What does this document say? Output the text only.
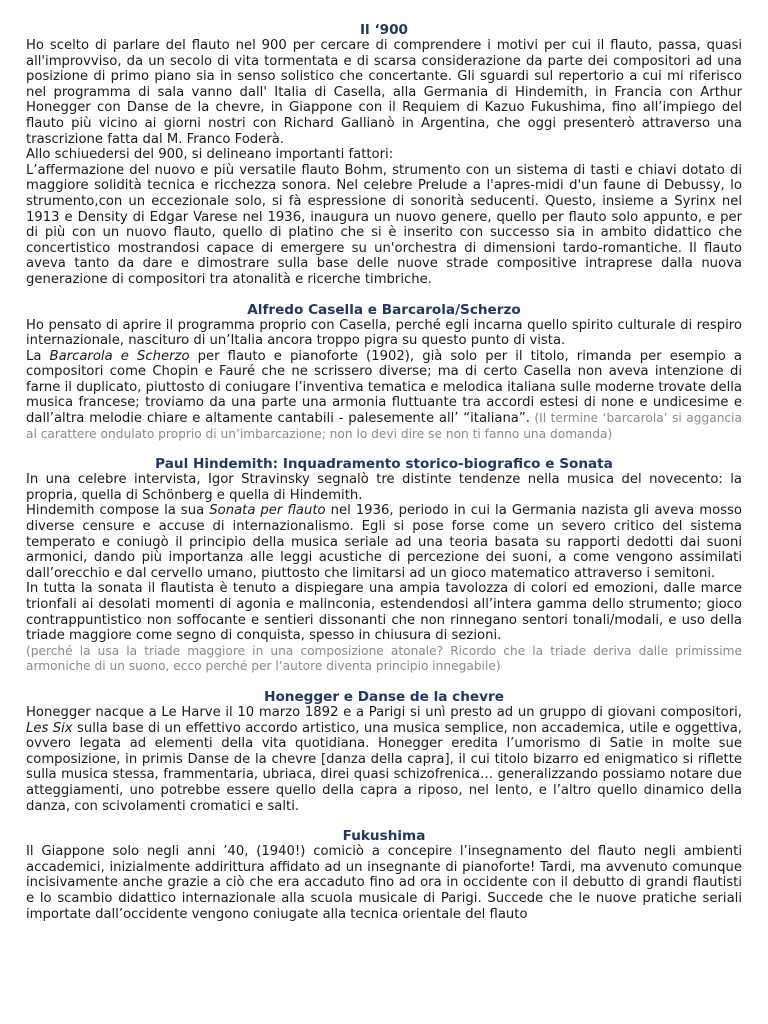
Il ‘900

Ho scelto di parlare del flauto nel 900 per cercare di comprendere i motivi per cui il flauto, passa, quasi all'improvviso, da un secolo di vita tormentata e di scarsa considerazione da parte dei compositori ad una posizione di primo piano sia in senso solistico che concertante. Gli sguardi sul repertorio a cui mi riferisco nel programma di sala vanno dall' Italia di Casella, alla Germania di Hindemith, in Francia con Arthur Honegger con Danse de la chevre, in Giappone con il Requiem di Kazuo Fukushima, fino all’impiego del flauto più vicino ai giorni nostri con Richard Gallianò in Argentina, che oggi presenterò attraverso una trascrizione fatta dal M. Franco Foderà.

Allo schiuedersi del 900, si delineano importanti fattori:

L’affermazione del nuovo e più versatile flauto Bohm, strumento con un sistema di tasti e chiavi dotato di maggiore solidità tecnica e ricchezza sonora. Nel celebre Prelude a l'apres-midi d'un faune di Debussy, lo strumento,con un eccezionale solo, si fà espressione di sonorità seducenti. Questo, insieme a Syrinx nel 1913 e Density di Edgar Varese nel 1936, inaugura un nuovo genere, quello per flauto solo appunto, e per di più con un nuovo flauto, quello di platino che si è inserito con successo sia in ambito didattico che concertistico mostrandosi capace di emergere su un'orchestra di dimensioni tardo-romantiche. Il flauto aveva tanto da dare e dimostrare sulla base delle nuove strade compositive intraprese dalla nuova generazione di compositori tra atonalità e ricerche timbriche.

Alfredo Casella e Barcarola/Scherzo

Ho pensato di aprire il programma proprio con Casella, perché egli incarna quello spirito culturale di respiro internazionale, nascituro di un’Italia ancora troppo pigra su questo punto di vista.

La Barcarola e Scherzo per flauto e pianoforte (1902), già solo per il titolo, rimanda per esempio a compositori come Chopin e Fauré che ne scrissero diverse; ma di certo Casella non aveva intenzione di farne il duplicato, piuttosto di coniugare l’inventiva tematica e melodica italiana sulle moderne trovate della musica francese; troviamo da una parte una armonia fluttuante tra accordi estesi di none e undicesime e dall’altra melodie chiare e altamente cantabili - palesemente all’ “italiana”. (Il termine ‘barcarola’ si aggancia al carattere ondulato proprio di un’imbarcazione; non lo devi dire se non ti fanno una domanda)

Paul Hindemith: Inquadramento storico-biografico e Sonata

In una celebre intervista, Igor Stravinsky segnalò tre distinte tendenze nella musica del novecento: la propria, quella di Schönberg e quella di Hindemith.

Hindemith compose la sua Sonata per flauto nel 1936, periodo in cui la Germania nazista gli aveva mosso diverse censure e accuse di internazionalismo. Egli si pose forse come un severo critico del sistema temperato e coniugò il principio della musica seriale ad una teoria basata su rapporti dedotti dai suoni armonici, dando più importanza alle leggi acustiche di percezione dei suoni, a come vengono assimilati dall’orecchio e dal cervello umano, piuttosto che limitarsi ad un gioco matematico attraverso i semitoni.

In tutta la sonata il flautista è tenuto a dispiegare una ampia tavolozza di colori ed emozioni, dalle marce trionfali ai desolati momenti di agonia e malinconia, estendendosi all’intera gamma dello strumento; gioco contrappuntistico non soffocante e sentieri dissonanti che non rinnegano sentori tonali/modali, e uso della triade maggiore come segno di conquista, spesso in chiusura di sezioni.

(perché la usa la triade maggiore in una composizione atonale? Ricordo che la triade deriva dalle primissime armoniche di un suono, ecco perché per l’autore diventa principio innegabile)

Honegger e Danse de la chevre

Honegger nacque a Le Harve il 10 marzo 1892 e a Parigi si unì presto ad un gruppo di giovani compositori, Les Six sulla base di un effettivo accordo artistico, una musica semplice, non accademica, utile e oggettiva, ovvero legata ad elementi della vita quotidiana. Honegger eredita l’umorismo di Satie in molte sue composizione, in primis Danse de la chevre [danza della capra], il cui titolo bizarro ed enigmatico si riflette sulla musica stessa, frammentaria, ubriaca, direi quasi schizofrenica… generalizzando possiamo notare due atteggiamenti, uno potrebbe essere quello della capra a riposo, nel lento, e l’altro quello dinamico della danza, con scivolamenti cromatici e salti.

Fukushima

Il Giappone solo negli anni ’40, (1940!) comiciò a concepire l’insegnamento del flauto negli ambienti accademici, inizialmente addirittura affidato ad un insegnante di pianoforte! Tardi, ma avvenuto comunque incisivamente anche grazie a ciò che era accaduto fino ad ora in occidente con il debutto di grandi flautisti e lo scambio didattico internazionale alla scuola musicale di Parigi. Succede che le nuove pratiche seriali importate dall’occidente vengono coniugate alla tecnica orientale del flauto
